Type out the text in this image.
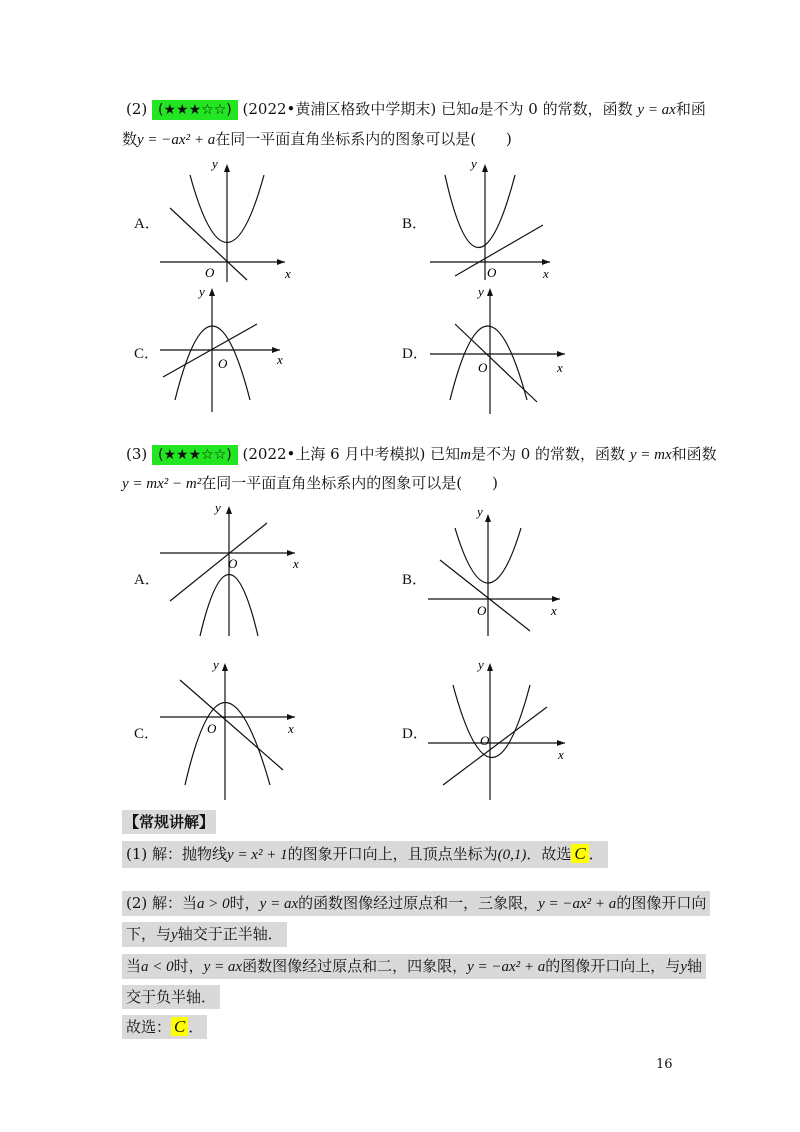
(2) (★★★☆☆) (2022•黄浦区格致中学期末) 已知a是不为 0 的常数，函数 y = ax和函
数y = −ax² + a在同一平面直角坐标系内的图象可以是(　　)
A．
y
x
O
B．
y
x
O
C．
y
x
O
D．
y
x
O
(3) (★★★☆☆) (2022•上海 6 月中考模拟) 已知m是不为 0 的常数，函数 y = mx和函数
y = mx² − m²在同一平面直角坐标系内的图象可以是(　　)
A．
y
x
O
B．
y
x
O
C．
y
x
O	D．
y
x
O
【常规讲解】
(1) 解：抛物线y = x² + 1的图象开口向上，且顶点坐标为(0,1)．故选 C ．
(2) 解：当a > 0时，y = ax的函数图像经过原点和一，三象限，y = −ax² + a的图像开口向
下，与y轴交于正半轴．
当a < 0时，y = ax函数图像经过原点和二，四象限，y = −ax² + a的图像开口向上，与y轴
交于负半轴．
故选： C ．
16
